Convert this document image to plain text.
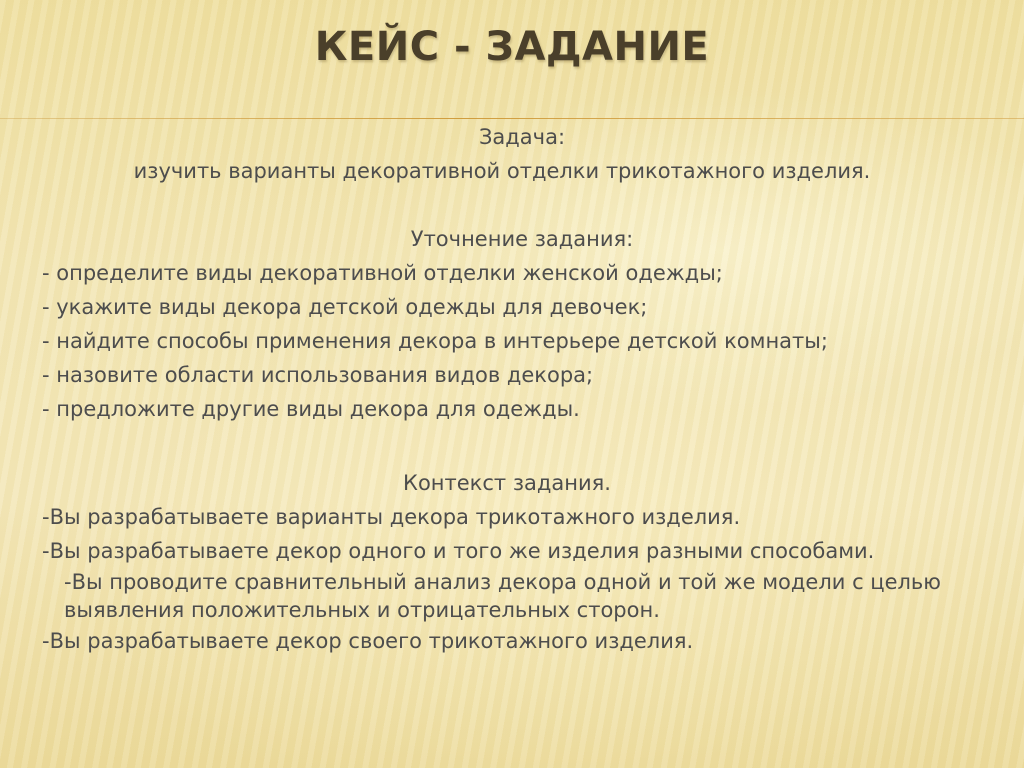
КЕЙС - ЗАДАНИЕ
Задача:
изучить варианты декоративной отделки трикотажного изделия.
Уточнение задания:
- определите виды декоративной отделки женской одежды;
- укажите виды декора детской одежды для девочек;
- найдите способы применения декора в интерьере детской комнаты;
- назовите области использования видов декора;
- предложите другие виды декора для одежды.
Контекст задания.
-Вы разрабатываете варианты декора трикотажного изделия.
-Вы разрабатываете декор одного и того же изделия разными способами.
-Вы проводите сравнительный анализ декора одной и той же модели с целью выявления положительных и отрицательных сторон.
-Вы разрабатываете декор своего трикотажного изделия.
